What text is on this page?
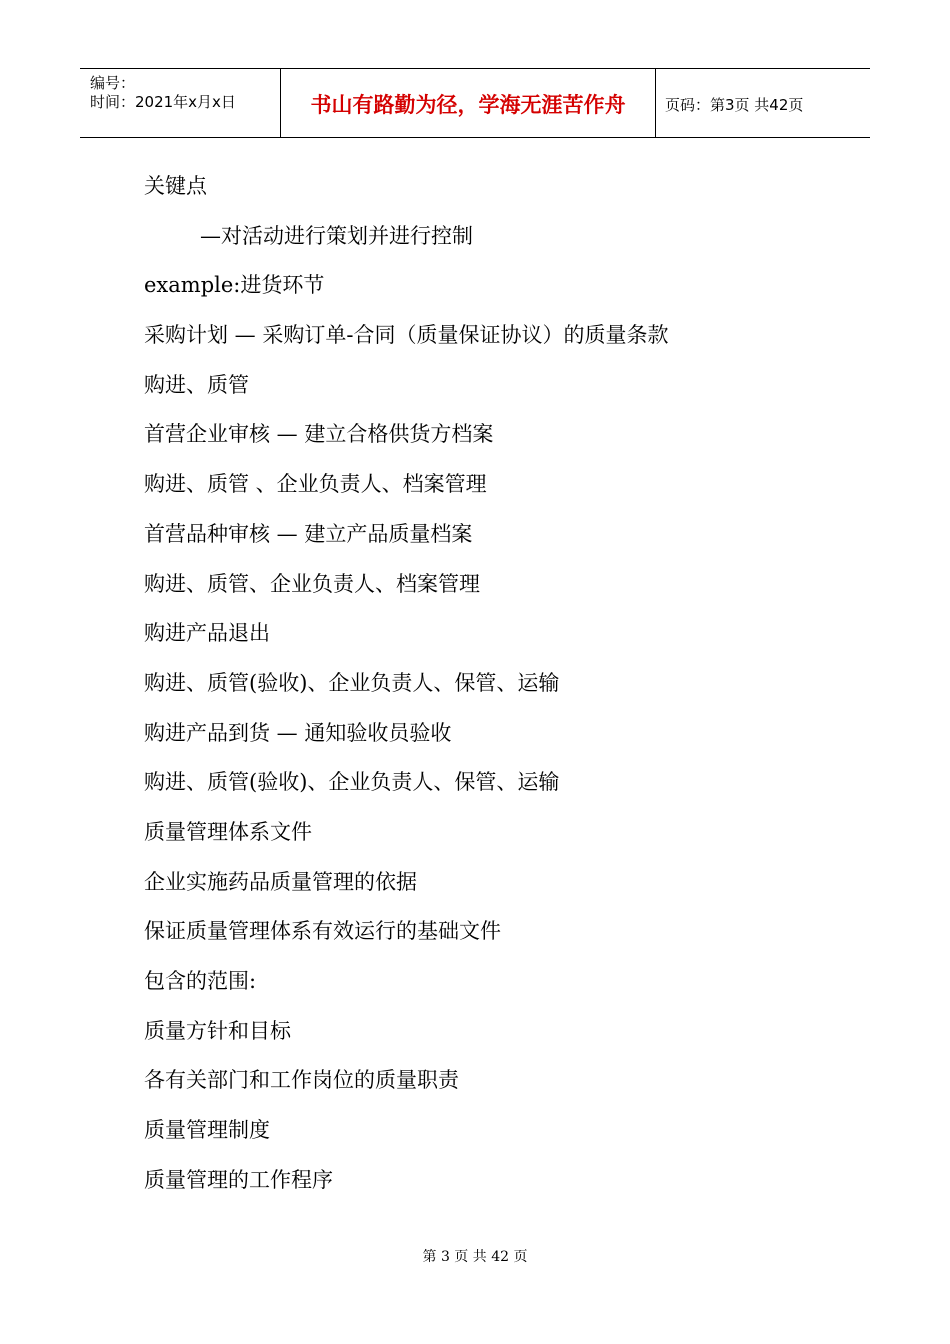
编号：
时间：2021年x月x日	书山有路勤为径，学海无涯苦作舟	页码：第3页 共42页
关键点
—对活动进行策划并进行控制
example:进货环节
采购计划 — 采购订单-合同（质量保证协议）的质量条款
购进、质管
首营企业审核 — 建立合格供货方档案
购进、质管 、企业负责人、档案管理
首营品种审核 — 建立产品质量档案
购进、质管、企业负责人、档案管理
购进产品退出
购进、质管(验收)、企业负责人、保管、运输
购进产品到货 — 通知验收员验收
购进、质管(验收)、企业负责人、保管、运输
质量管理体系文件
企业实施药品质量管理的依据
保证质量管理体系有效运行的基础文件
包含的范围:
质量方针和目标
各有关部门和工作岗位的质量职责
质量管理制度
质量管理的工作程序
第 3 页 共 42 页
